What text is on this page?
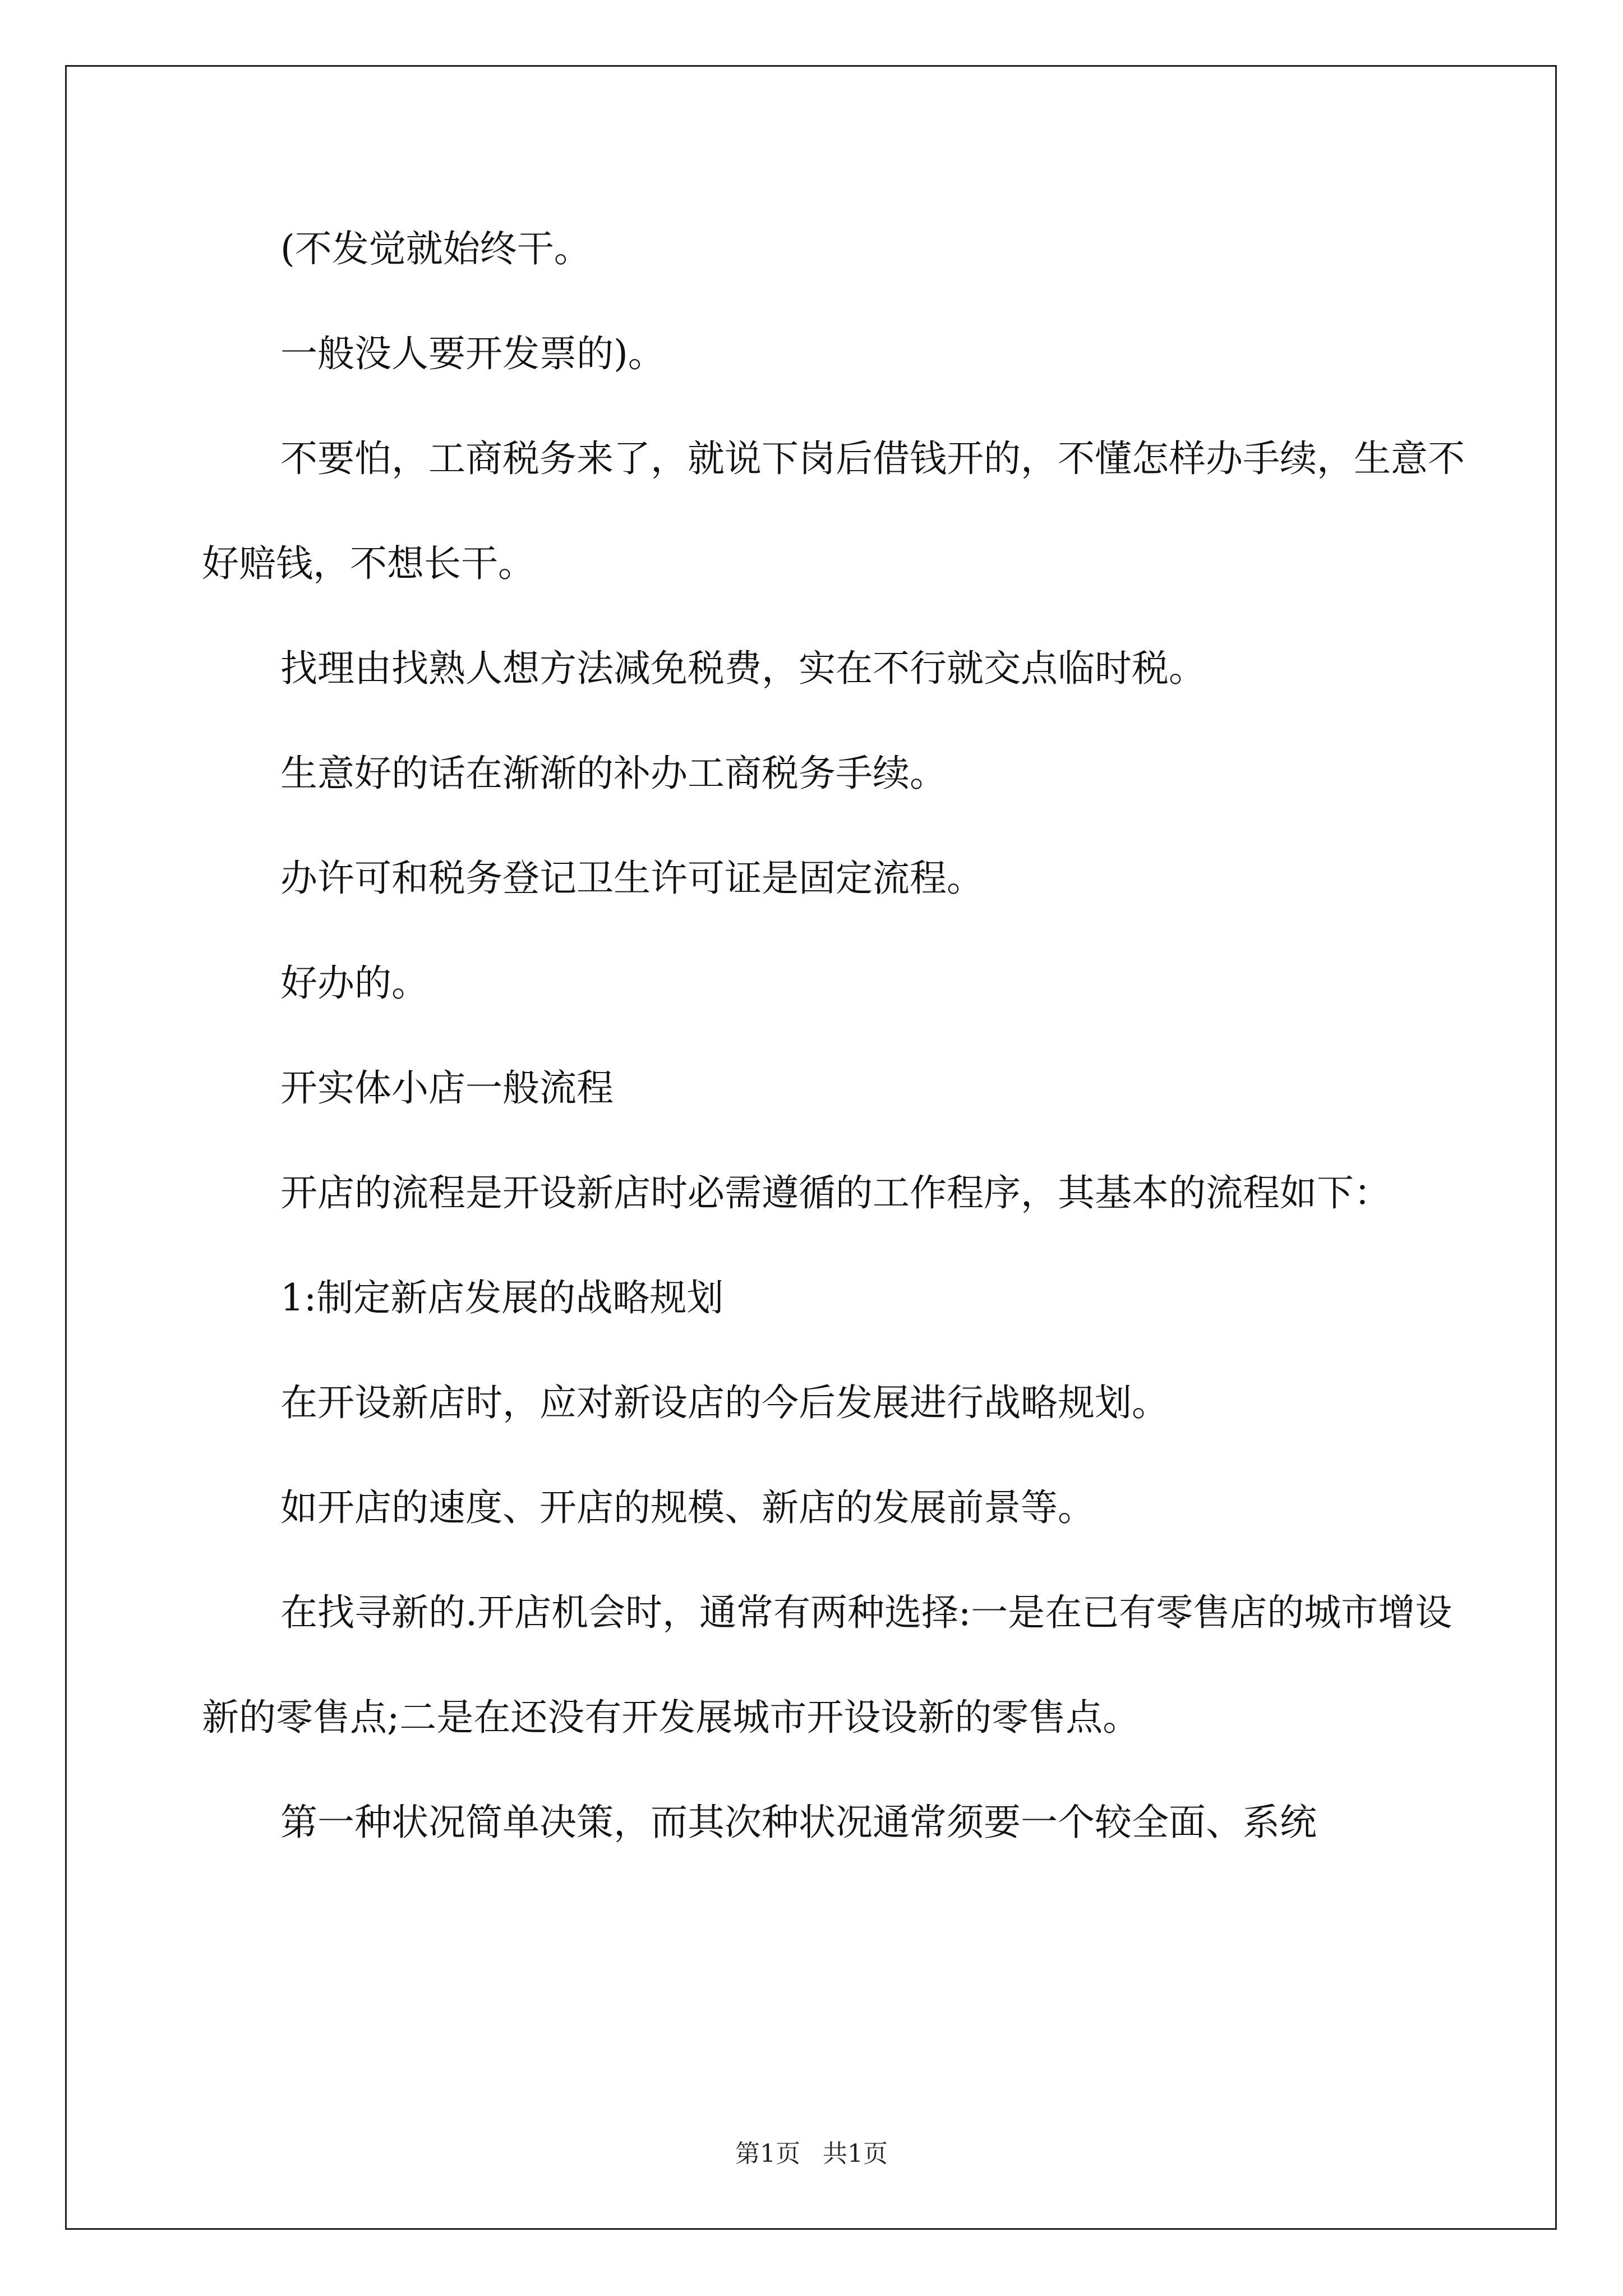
(不发觉就始终干。

一般没人要开发票的)。

不要怕，工商税务来了，就说下岗后借钱开的，不懂怎样办手续，生意不好赔钱，不想长干。

找理由找熟人想方法减免税费，实在不行就交点临时税。

生意好的话在渐渐的补办工商税务手续。

办许可和税务登记卫生许可证是固定流程。

好办的。

开实体小店一般流程

开店的流程是开设新店时必需遵循的工作程序，其基本的流程如下：

1:制定新店发展的战略规划

在开设新店时，应对新设店的今后发展进行战略规划。

如开店的速度、开店的规模、新店的发展前景等。

在找寻新的.开店机会时，通常有两种选择:一是在已有零售店的城市增设新的零售点;二是在还没有开发展城市开设设新的零售点。

第一种状况简单决策，而其次种状况通常须要一个较全面、系统

第1页 共1页
